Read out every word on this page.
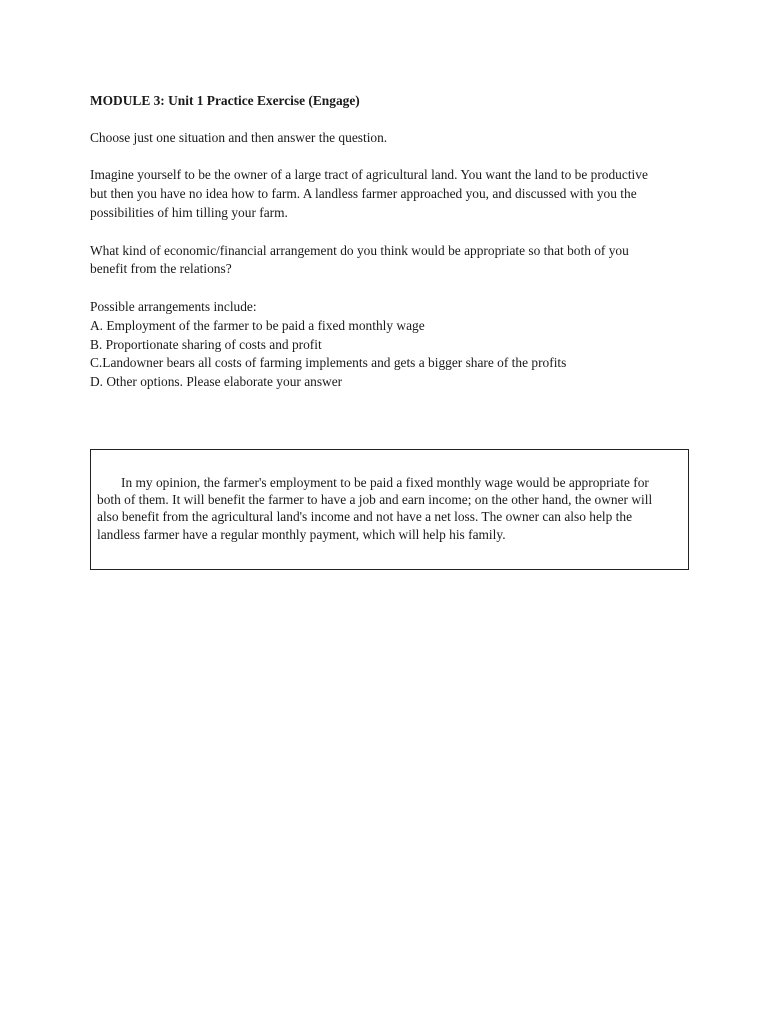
MODULE 3: Unit 1 Practice Exercise (Engage)

Choose just one situation and then answer the question.

Imagine yourself to be the owner of a large tract of agricultural land. You want the land to be productive
but then you have no idea how to farm. A landless farmer approached you, and discussed with you the
possibilities of him tilling your farm.

What kind of economic/financial arrangement do you think would be appropriate so that both of you
benefit from the relations?

Possible arrangements include:
A. Employment of the farmer to be paid a fixed monthly wage
B. Proportionate sharing of costs and profit
C.Landowner bears all costs of farming implements and gets a bigger share of the profits
D. Other options. Please elaborate your answer
In my opinion, the farmer's employment to be paid a fixed monthly wage would be appropriate for
both of them. It will benefit the farmer to have a job and earn income; on the other hand, the owner will
also benefit from the agricultural land's income and not have a net loss. The owner can also help the
landless farmer have a regular monthly payment, which will help his family.
